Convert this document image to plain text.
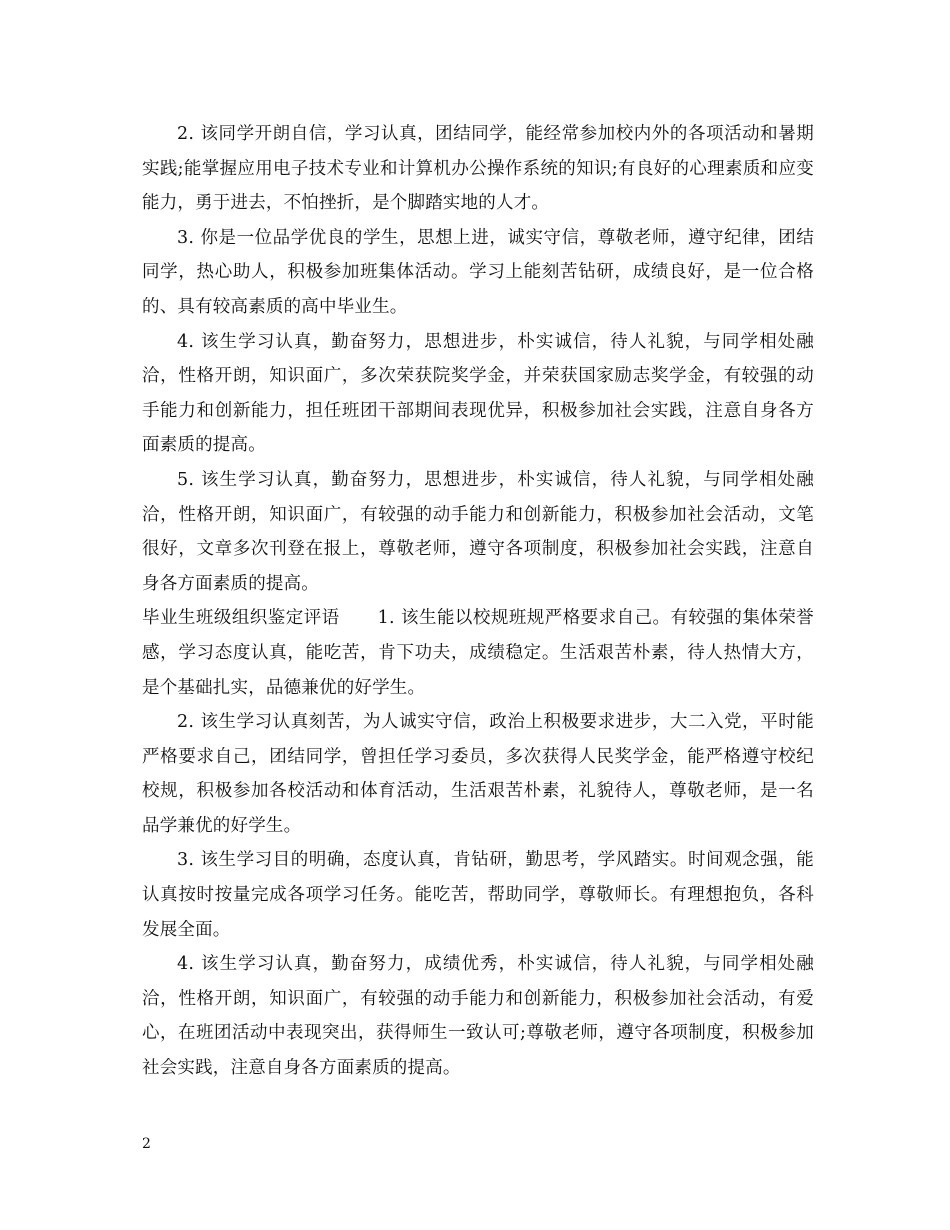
2. 该同学开朗自信，学习认真，团结同学，能经常参加校内外的各项活动和暑期实践;能掌握应用电子技术专业和计算机办公操作系统的知识;有良好的心理素质和应变能力，勇于进去，不怕挫折，是个脚踏实地的人才。

3. 你是一位品学优良的学生，思想上进，诚实守信，尊敬老师，遵守纪律，团结同学，热心助人，积极参加班集体活动。学习上能刻苦钻研，成绩良好，是一位合格的、具有较高素质的高中毕业生。

4. 该生学习认真，勤奋努力，思想进步，朴实诚信，待人礼貌，与同学相处融洽，性格开朗，知识面广，多次荣获院奖学金，并荣获国家励志奖学金，有较强的动手能力和创新能力，担任班团干部期间表现优异，积极参加社会实践，注意自身各方面素质的提高。

5. 该生学习认真，勤奋努力，思想进步，朴实诚信，待人礼貌，与同学相处融洽，性格开朗，知识面广，有较强的动手能力和创新能力，积极参加社会活动，文笔很好，文章多次刊登在报上，尊敬老师，遵守各项制度，积极参加社会实践，注意自身各方面素质的提高。

毕业生班级组织鉴定评语 1. 该生能以校规班规严格要求自己。有较强的集体荣誉感，学习态度认真，能吃苦，肯下功夫，成绩稳定。生活艰苦朴素，待人热情大方，是个基础扎实，品德兼优的好学生。

2. 该生学习认真刻苦，为人诚实守信，政治上积极要求进步，大二入党，平时能严格要求自己，团结同学，曾担任学习委员，多次获得人民奖学金，能严格遵守校纪校规，积极参加各校活动和体育活动，生活艰苦朴素，礼貌待人，尊敬老师，是一名品学兼优的好学生。

3. 该生学习目的明确，态度认真，肯钻研，勤思考，学风踏实。时间观念强，能认真按时按量完成各项学习任务。能吃苦，帮助同学，尊敬师长。有理想抱负，各科发展全面。

4. 该生学习认真，勤奋努力，成绩优秀，朴实诚信，待人礼貌，与同学相处融洽，性格开朗，知识面广，有较强的动手能力和创新能力，积极参加社会活动，有爱心，在班团活动中表现突出，获得师生一致认可;尊敬老师，遵守各项制度，积极参加社会实践，注意自身各方面素质的提高。

2
